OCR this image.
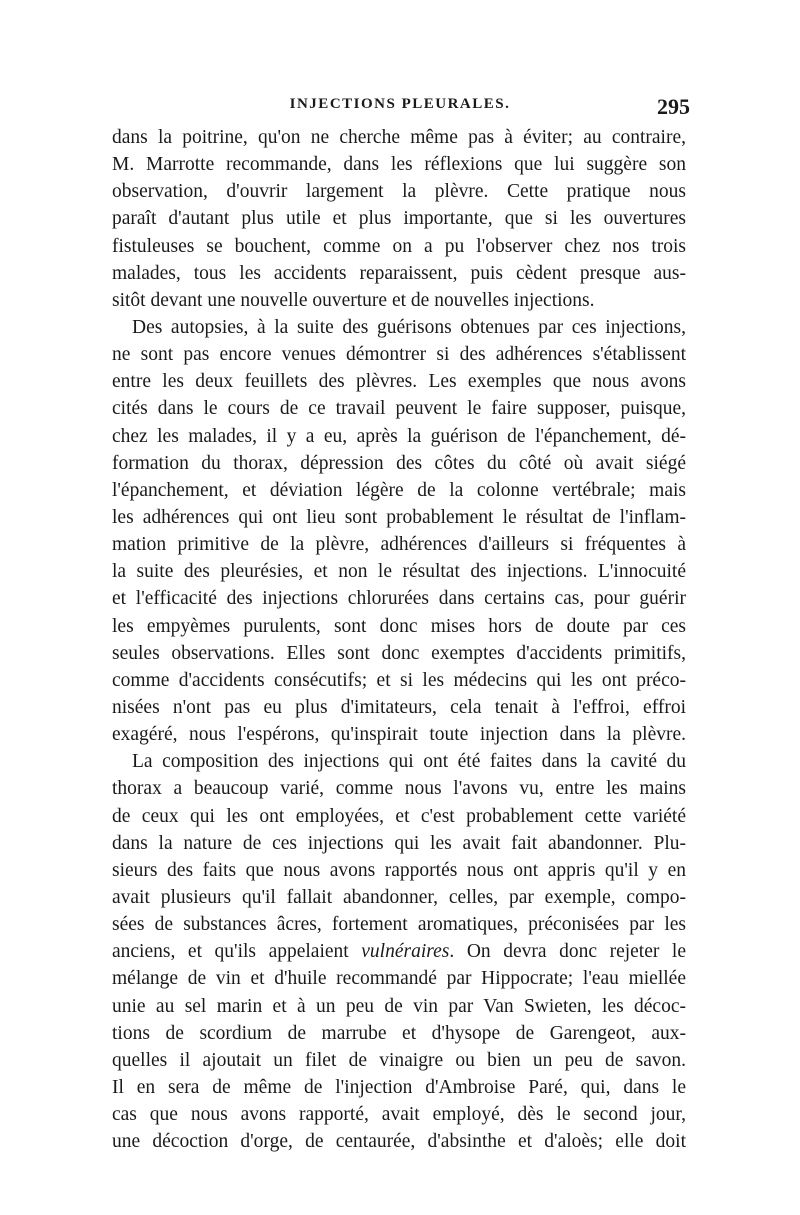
INJECTIONS PLEURALES.	295
dans la poitrine, qu'on ne cherche même pas à éviter; au contraire,
M. Marrotte recommande, dans les réflexions que lui suggère son
observation, d'ouvrir largement la plèvre. Cette pratique nous
paraît d'autant plus utile et plus importante, que si les ouvertures
fistuleuses se bouchent, comme on a pu l'observer chez nos trois
malades, tous les accidents reparaissent, puis cèdent presque aus-
sitôt devant une nouvelle ouverture et de nouvelles injections.
Des autopsies, à la suite des guérisons obtenues par ces injections,
ne sont pas encore venues démontrer si des adhérences s'établissent
entre les deux feuillets des plèvres. Les exemples que nous avons
cités dans le cours de ce travail peuvent le faire supposer, puisque,
chez les malades, il y a eu, après la guérison de l'épanchement, dé-
formation du thorax, dépression des côtes du côté où avait siégé
l'épanchement, et déviation légère de la colonne vertébrale; mais
les adhérences qui ont lieu sont probablement le résultat de l'inflam-
mation primitive de la plèvre, adhérences d'ailleurs si fréquentes à
la suite des pleurésies, et non le résultat des injections. L'innocuité
et l'efficacité des injections chlorurées dans certains cas, pour guérir
les empyèmes purulents, sont donc mises hors de doute par ces
seules observations. Elles sont donc exemptes d'accidents primitifs,
comme d'accidents consécutifs; et si les médecins qui les ont préco-
nisées n'ont pas eu plus d'imitateurs, cela tenait à l'effroi, effroi
exagéré, nous l'espérons, qu'inspirait toute injection dans la plèvre.
La composition des injections qui ont été faites dans la cavité du
thorax a beaucoup varié, comme nous l'avons vu, entre les mains
de ceux qui les ont employées, et c'est probablement cette variété
dans la nature de ces injections qui les avait fait abandonner. Plu-
sieurs des faits que nous avons rapportés nous ont appris qu'il y en
avait plusieurs qu'il fallait abandonner, celles, par exemple, compo-
sées de substances âcres, fortement aromatiques, préconisées par les
anciens, et qu'ils appelaient vulnéraires. On devra donc rejeter le
mélange de vin et d'huile recommandé par Hippocrate; l'eau miellée
unie au sel marin et à un peu de vin par Van Swieten, les décoc-
tions de scordium de marrube et d'hysope de Garengeot, aux-
quelles il ajoutait un filet de vinaigre ou bien un peu de savon.
Il en sera de même de l'injection d'Ambroise Paré, qui, dans le
cas que nous avons rapporté, avait employé, dès le second jour,
une décoction d'orge, de centaurée, d'absinthe et d'aloès; elle doit
